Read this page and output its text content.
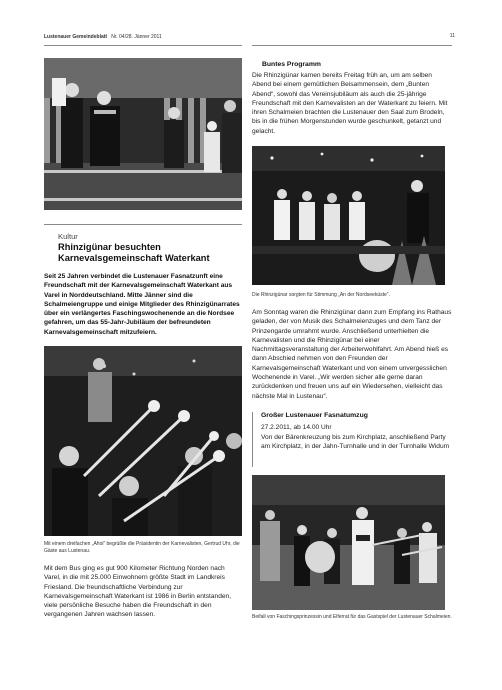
Lustenauer Gemeindeblatt Nr. 04/28. Jänner 2011	11
Kultur
Rhinzigünar besuchten Karnevalsgemeinschaft Waterkant
Seit 25 Jahren verbindet die Lustenauer Fasnatzunft eine Freundschaft mit der Karnevalsgemeinschaft Waterkant aus Varel in Norddeutschland. Mitte Jänner sind die Schalmeiengruppe und einige Mitglieder des Rhinzigünarrates über ein verlängertes Faschingswochenende an die Nordsee gefahren, um das 55-Jahr-Jubiläum der befreundeten Karnevalsgemeinschaft mitzufeiern.
Mit einem dreifachen „Ahoi“ begrüßte die Präsidentin der Karnevalisten, Gertrud Uhr, die Gäste aus Lustenau.

Mit dem Bus ging es gut 900 Kilometer Richtung Norden nach Varel, in die mit 25.000 Einwohnern größte Stadt im Landkreis Friesland. Die freundschaftliche Verbindung zur Karnevalsgemeinschaft Waterkant ist 1986 in Berlin entstanden, viele persönliche Besuche haben die Freundschaft in den vergangenen Jahren wachsen lassen.

Buntes Programm

Die Rhinzigünar kamen bereits Freitag früh an, um am selben Abend bei einem gemütlichen Beisammensein, dem „Bunten Abend“, sowohl das Vereinsjubiläum als auch die 25-jährige Freundschaft mit den Karnevalisten an der Waterkant zu feiern. Mit ihren Schalmeien brachten die Lustenauer den Saal zum Brodeln, bis in die frühen Morgenstunden wurde geschunkelt, getanzt und gelacht.

Die Rhinzigünar sorgten für Stimmung „An der Nordseeküste“.

Am Sonntag waren die Rhinzigünar dann zum Empfang ins Rathaus geladen, der von Musik des Schalmeienzuges und dem Tanz der Prinzengarde umrahmt wurde. Anschließend unterhielten die Karnevalisten und die Rhinzigünar bei einer Nachmittagsveranstaltung der Arbeiterwohlfahrt. Am Abend hieß es dann Abschied nehmen von den Freunden der Karnevalsgemeinschaft Waterkant und von einem unvergesslichen Wochenende in Varel. „Wir werden sicher alle gerne daran zurückdenken und freuen uns auf ein Wiedersehen, vielleicht das nächste Mal in Lustenau“.

Großer Lustenauer Fasnatumzug
27.2.2011, ab 14.00 Uhr
Von der Bärenkreuzung bis zum Kirchplatz, anschließend Party am Kirchplatz, in der Jahn-Turnhalle und in der Turnhalle Widum
Beifall von Faschingsprinzessin und Elferrat für das Gastspiel der Lustenauer Schalmeien.
